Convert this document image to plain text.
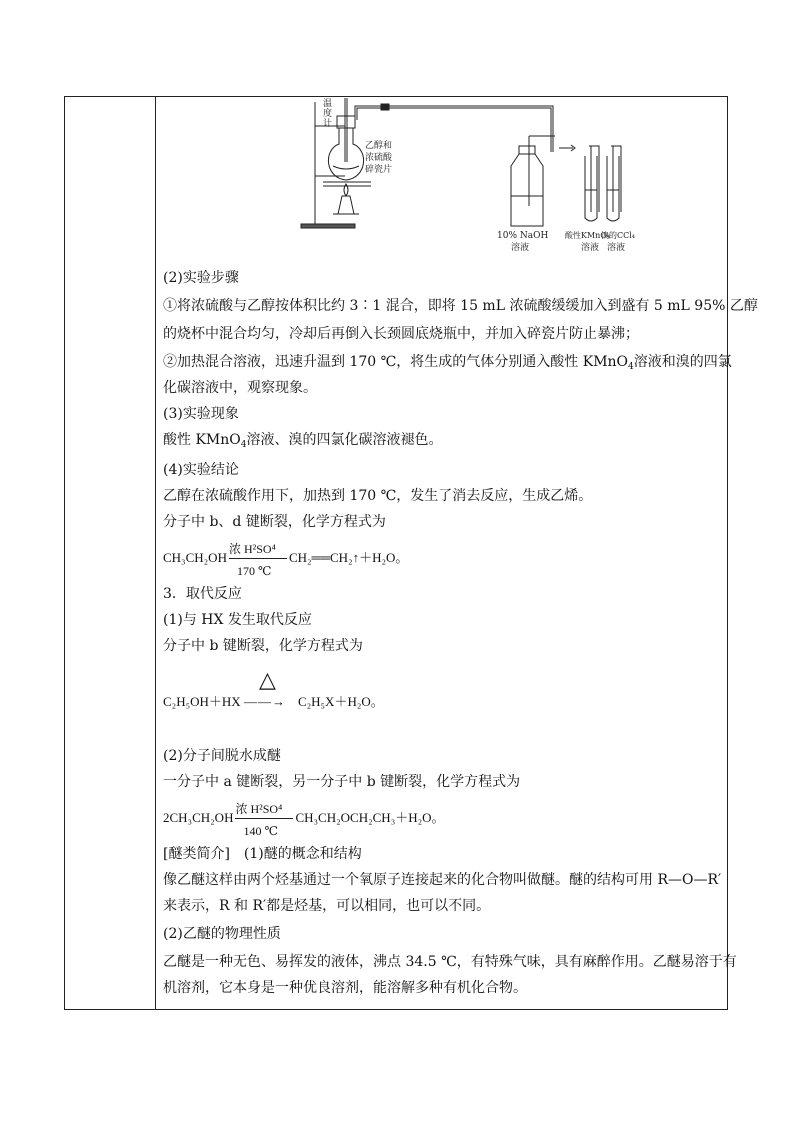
温
度
计
乙醇和
浓硫酸
碎瓷片
10% NaOH
溶液
酸性KMnO₄
溶液
溴的CCl₄
溶液
(2)实验步骤
①将浓硫酸与乙醇按体积比约 3∶1 混合，即将 15 mL 浓硫酸缓缓加入到盛有 5 mL 95% 乙醇
的烧杯中混合均匀，冷却后再倒入长颈圆底烧瓶中，并加入碎瓷片防止暴沸；
②加热混合溶液，迅速升温到 170 ℃，将生成的气体分别通入酸性 KMnO$_4$溶液和溴的四氯
化碳溶液中，观察现象。
(3)实验现象
酸性 KMnO$_4$溶液、溴的四氯化碳溶液褪色。
(4)实验结论
乙醇在浓硫酸作用下，加热到 170 ℃，发生了消去反应，生成乙烯。
分子中 b、d 键断裂，化学方程式为
CH₃CH₂OH
浓 H²SO⁴
170 ℃
CH₂══CH₂↑＋H₂O。
3．取代反应
(1)与 HX 发生取代反应
分子中 b 键断裂，化学方程式为
△
C₂H₅OH＋HX ——→ C₂H₅X＋H₂O。
(2)分子间脱水成醚
一分子中 a 键断裂，另一分子中 b 键断裂，化学方程式为
2CH₃CH₂OH
浓 H²SO⁴
140 ℃
CH₃CH₂OCH₂CH₃＋H₂O。
[醚类简介]　(1)醚的概念和结构
像乙醚这样由两个烃基通过一个氧原子连接起来的化合物叫做醚。醚的结构可用 R—O—R′
来表示，R 和 R′都是烃基，可以相同，也可以不同。
(2)乙醚的物理性质
乙醚是一种无色、易挥发的液体，沸点 34.5 ℃，有特殊气味，具有麻醉作用。乙醚易溶于有
机溶剂，它本身是一种优良溶剂，能溶解多种有机化合物。
